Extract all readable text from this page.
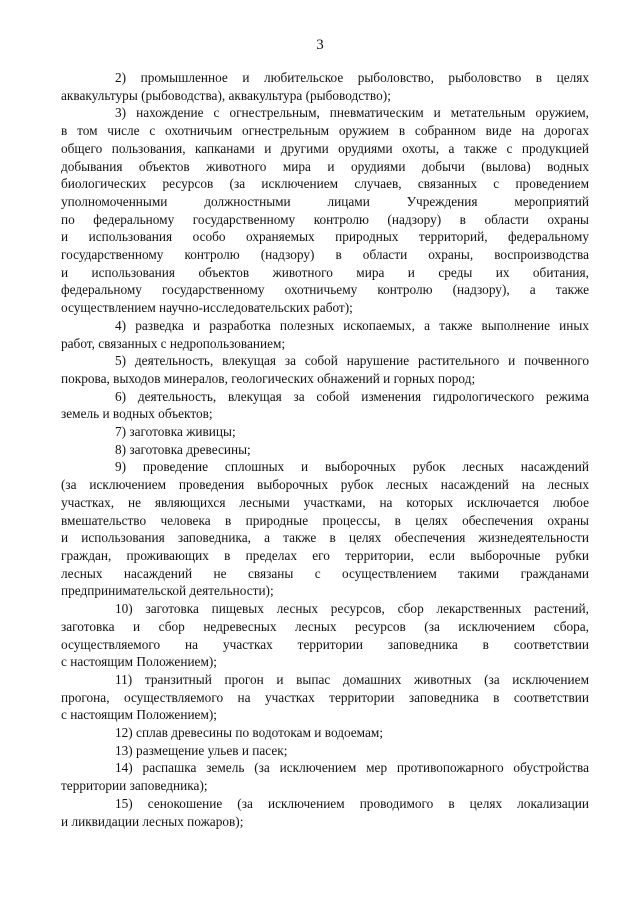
3
2) промышленное и любительское рыболовство, рыболовство в целях
аквакультуры (рыбоводства), аквакультура (рыбоводство);
3) нахождение с огнестрельным, пневматическим и метательным оружием,
в том числе с охотничьим огнестрельным оружием в собранном виде на дорогах
общего пользования, капканами и другими орудиями охоты, а также с продукцией
добывания объектов животного мира и орудиями добычи (вылова) водных
биологических ресурсов (за исключением случаев, связанных с проведением
уполномоченными должностными лицами Учреждения мероприятий
по федеральному государственному контролю (надзору) в области охраны
и использования особо охраняемых природных территорий, федеральному
государственному контролю (надзору) в области охраны, воспроизводства
и использования объектов животного мира и среды их обитания,
федеральному государственному охотничьему контролю (надзору), а также
осуществлением научно-исследовательских работ);
4) разведка и разработка полезных ископаемых, а также выполнение иных
работ, связанных с недропользованием;
5) деятельность, влекущая за собой нарушение растительного и почвенного
покрова, выходов минералов, геологических обнажений и горных пород;
6) деятельность, влекущая за собой изменения гидрологического режима
земель и водных объектов;
7) заготовка живицы;
8) заготовка древесины;
9) проведение сплошных и выборочных рубок лесных насаждений
(за исключением проведения выборочных рубок лесных насаждений на лесных
участках, не являющихся лесными участками, на которых исключается любое
вмешательство человека в природные процессы, в целях обеспечения охраны
и использования заповедника, а также в целях обеспечения жизнедеятельности
граждан, проживающих в пределах его территории, если выборочные рубки
лесных насаждений не связаны с осуществлением такими гражданами
предпринимательской деятельности);
10) заготовка пищевых лесных ресурсов, сбор лекарственных растений,
заготовка и сбор недревесных лесных ресурсов (за исключением сбора,
осуществляемого на участках территории заповедника в соответствии
с настоящим Положением);
11) транзитный прогон и выпас домашних животных (за исключением
прогона, осуществляемого на участках территории заповедника в соответствии
с настоящим Положением);
12) сплав древесины по водотокам и водоемам;
13) размещение ульев и пасек;
14) распашка земель (за исключением мер противопожарного обустройства
территории заповедника);
15) сенокошение (за исключением проводимого в целях локализации
и ликвидации лесных пожаров);
